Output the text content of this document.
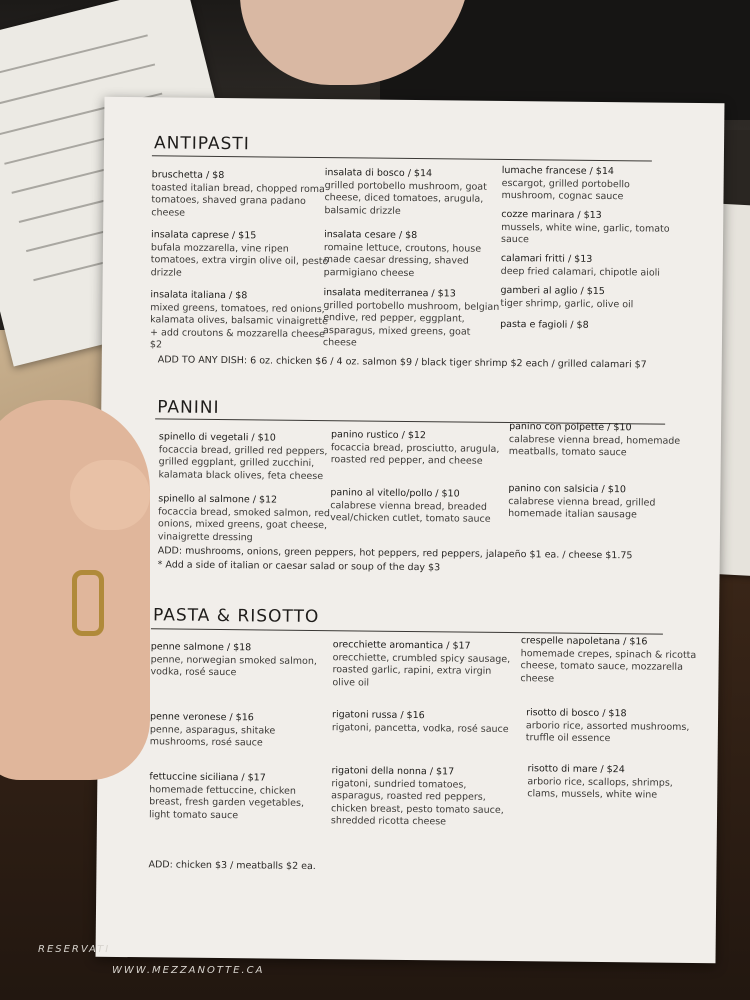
ANTIPASTI
bruschetta / $8
toasted italian bread, chopped roma tomatoes, shaved grana padano cheese
insalata di bosco / $14
grilled portobello mushroom, goat cheese, diced tomatoes, arugula, balsamic drizzle
lumache francese / $14
escargot, grilled portobello mushroom, cognac sauce
cozze marinara / $13
mussels, white wine, garlic, tomato sauce
insalata caprese / $15
bufala mozzarella, vine ripen tomatoes, extra virgin olive oil, pesto drizzle
insalata cesare / $8
romaine lettuce, croutons, house made caesar dressing, shaved parmigiano cheese
calamari fritti / $13
deep fried calamari, chipotle aioli
gamberi al aglio / $15
tiger shrimp, garlic, olive oil
insalata italiana / $8
mixed greens, tomatoes, red onions, kalamata olives, balsamic vinaigrette + add croutons & mozzarella cheese $2
insalata mediterranea / $13
grilled portobello mushroom, belgian endive, red pepper, eggplant, asparagus, mixed greens, goat cheese
pasta e fagioli / $8
ADD TO ANY DISH: 6 oz. chicken $6 / 4 oz. salmon $9 / black tiger shrimp $2 each / grilled calamari $7
PANINI
spinello di vegetali / $10
focaccia bread, grilled red peppers, grilled eggplant, grilled zucchini, kalamata black olives, feta cheese
panino rustico / $12
focaccia bread, prosciutto, arugula, roasted red pepper, and cheese
panino con polpette / $10
calabrese vienna bread, homemade meatballs, tomato sauce
spinello al salmone / $12
focaccia bread, smoked salmon, red onions, mixed greens, goat cheese, vinaigrette dressing
panino al vitello/pollo / $10
calabrese vienna bread, breaded veal/chicken cutlet, tomato sauce
panino con salsicia / $10
calabrese vienna bread, grilled homemade italian sausage
ADD: mushrooms, onions, green peppers, hot peppers, red peppers, jalapeño $1 ea. / cheese $1.75
* Add a side of italian or caesar salad or soup of the day $3
PASTA & RISOTTO
penne salmone / $18
penne, norwegian smoked salmon, vodka, rosé sauce
orecchiette aromantica / $17
orecchiette, crumbled spicy sausage, roasted garlic, rapini, extra virgin olive oil
crespelle napoletana / $16
homemade crepes, spinach & ricotta cheese, tomato sauce, mozzarella cheese
penne veronese / $16
penne, asparagus, shitake mushrooms, rosé sauce
rigatoni russa / $16
rigatoni, pancetta, vodka, rosé sauce
risotto di bosco / $18
arborio rice, assorted mushrooms, truffle oil essence
fettuccine siciliana / $17
homemade fettuccine, chicken breast, fresh garden vegetables, light tomato sauce
rigatoni della nonna / $17
rigatoni, sundried tomatoes, asparagus, roasted red peppers, chicken breast, pesto tomato sauce, shredded ricotta cheese
risotto di mare / $24
arborio rice, scallops, shrimps, clams, mussels, white wine
ADD: chicken $3 / meatballs $2 ea.
RESERVATI
WWW.MEZZANOTTE.CA
